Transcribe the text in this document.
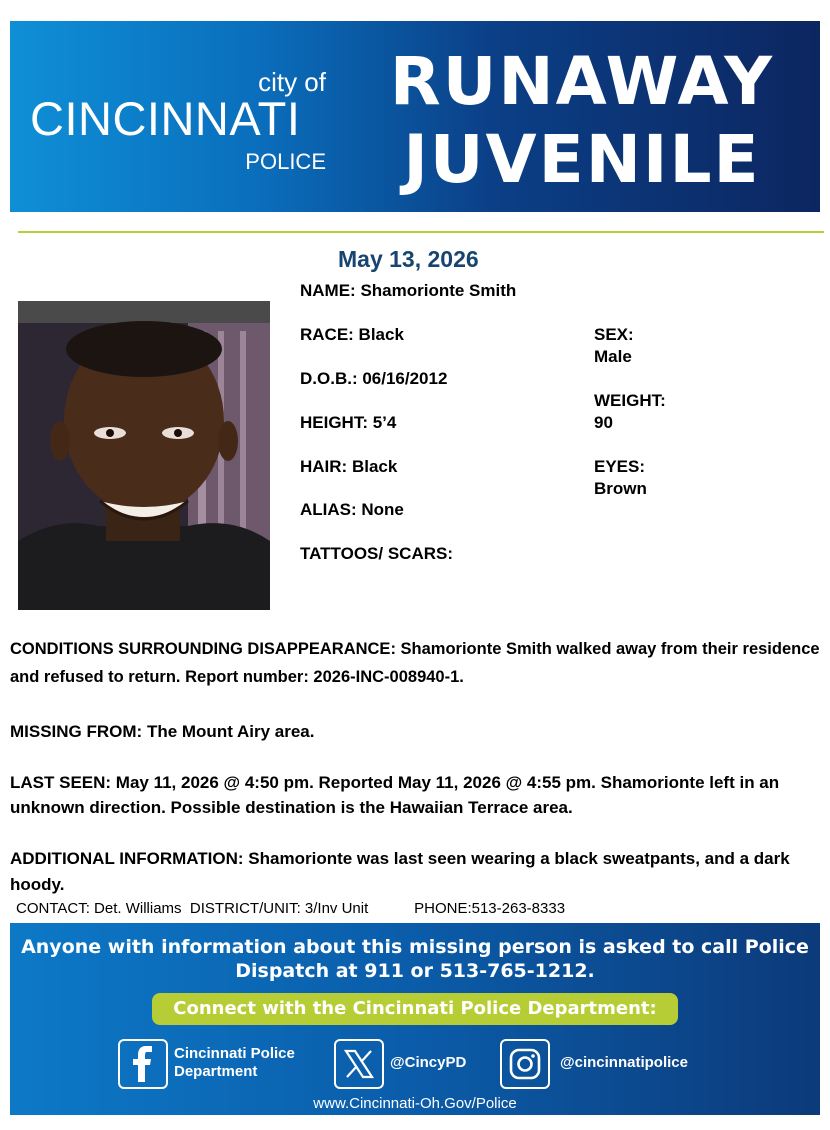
city of
CINCINNATI
POLICE
RUNAWAY
JUVENILE
May 13, 2026
NAME: Shamorionte Smith
RACE: Black
D.O.B.: 06/16/2012
HEIGHT: 5’4
HAIR: Black
ALIAS: None
TATTOOS/ SCARS:
SEX:
Male
WEIGHT:
90
EYES:
Brown
CONDITIONS SURROUNDING DISAPPEARANCE: Shamorionte Smith walked away from their residence and refused to return. Report number: 2026-INC-008940-1.
MISSING FROM: The Mount Airy area.
LAST SEEN: May 11, 2026 @ 4:50 pm. Reported May 11, 2026 @ 4:55 pm. Shamorionte left in an unknown direction. Possible destination is the Hawaiian Terrace area.
ADDITIONAL INFORMATION: Shamorionte was last seen wearing a black sweatpants, and a dark hoody.
CONTACT: Det. Williams DISTRICT/UNIT: 3/Inv Unit	PHONE:513-263-8333
Anyone with information about this missing person is asked to call Police
Dispatch at 911 or 513-765-1212.
Connect with the Cincinnati Police Department:
Cincinnati Police
Department
@CincyPD	@cincinnatipolice
www.Cincinnati-Oh.Gov/Police
